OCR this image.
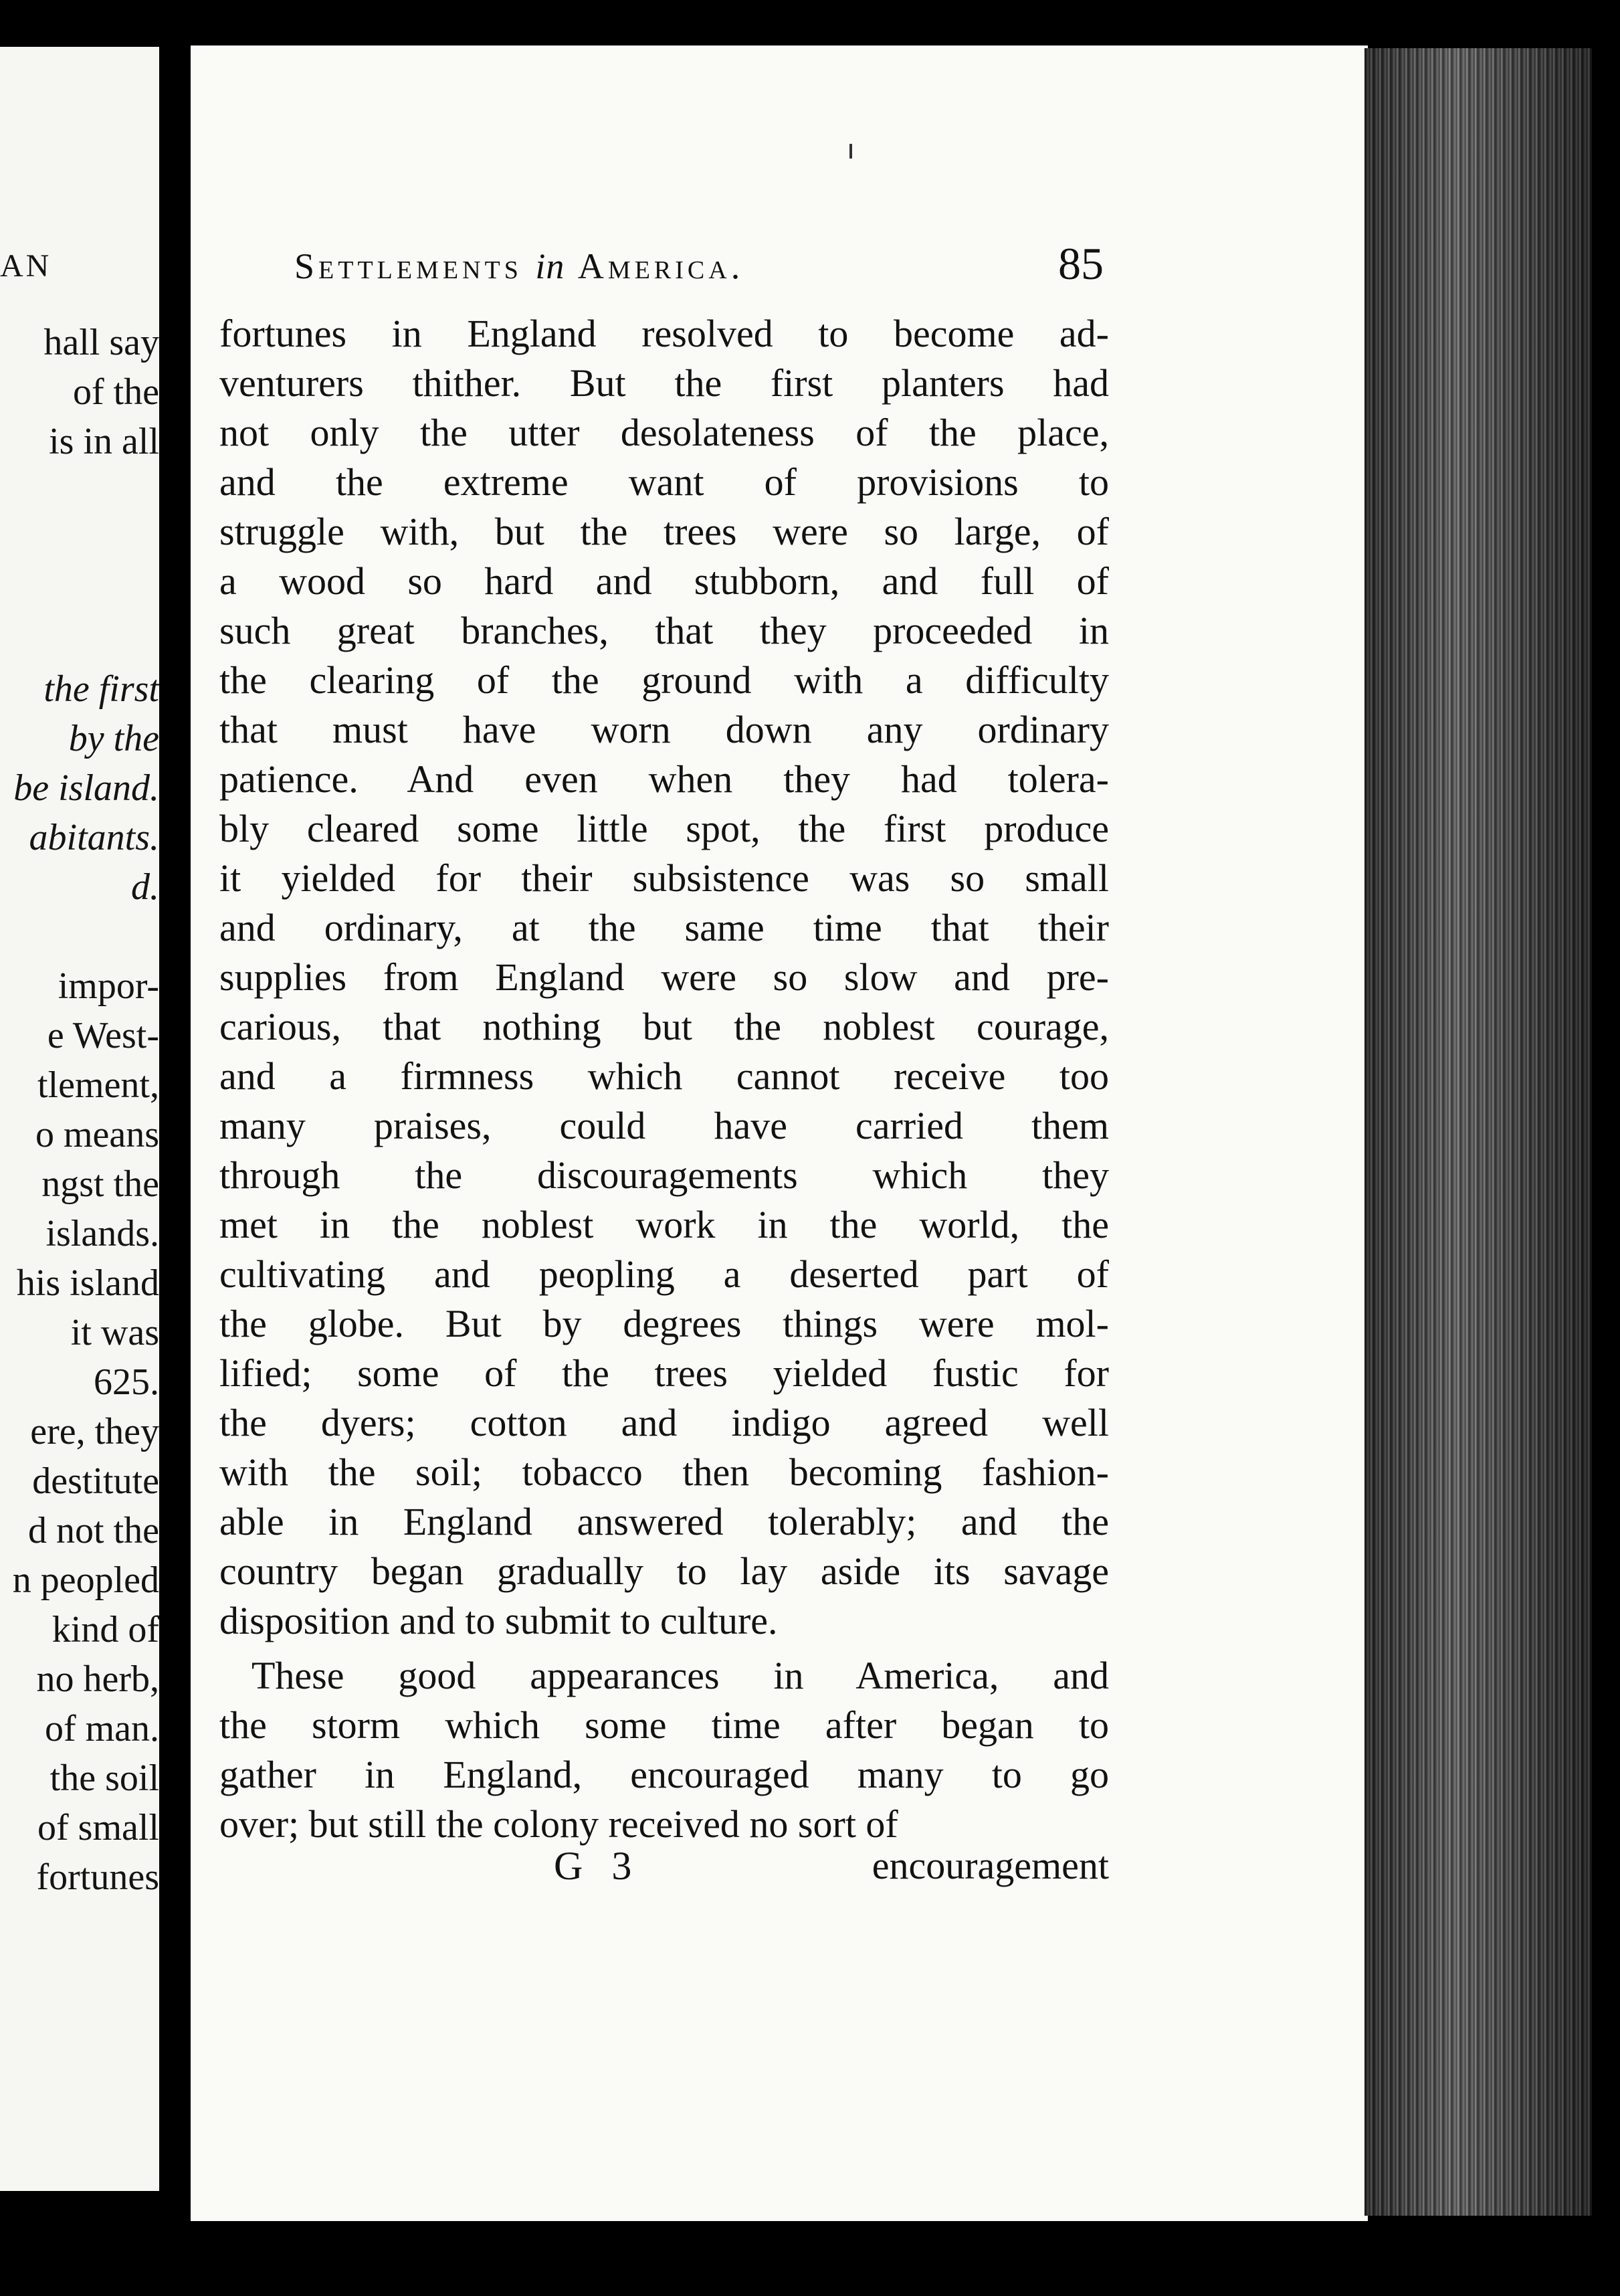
AN
hall say
of the
is in all
the first
by the
be island.
abitants.
d.
impor-
e West-
tlement,
o means
ngst the
islands.
his island
it was
625.
ere, they
destitute
d not the
n peopled
kind of
no herb,
of man.
the soil
of small
fortunes
Settlements in America.	85
fortunes in England resolved to become ad-
venturers thither. But the first planters had
not only the utter desolateness of the place,
and the extreme want of provisions to
struggle with, but the trees were so large, of
a wood so hard and stubborn, and full of
such great branches, that they proceeded in
the clearing of the ground with a difficulty
that must have worn down any ordinary
patience. And even when they had tolera-
bly cleared some little spot, the first produce
it yielded for their subsistence was so small
and ordinary, at the same time that their
supplies from England were so slow and pre-
carious, that nothing but the noblest courage,
and a firmness which cannot receive too
many praises, could have carried them
through the discouragements which they
met in the noblest work in the world, the
cultivating and peopling a deserted part of
the globe. But by degrees things were mol-
lified; some of the trees yielded fustic for
the dyers; cotton and indigo agreed well
with the soil; tobacco then becoming fashion-
able in England answered tolerably; and the
country began gradually to lay aside its savage
disposition and to submit to culture.
These good appearances in America, and
the storm which some time after began to
gather in England, encouraged many to go
over; but still the colony received no sort of
G 3	encouragement
